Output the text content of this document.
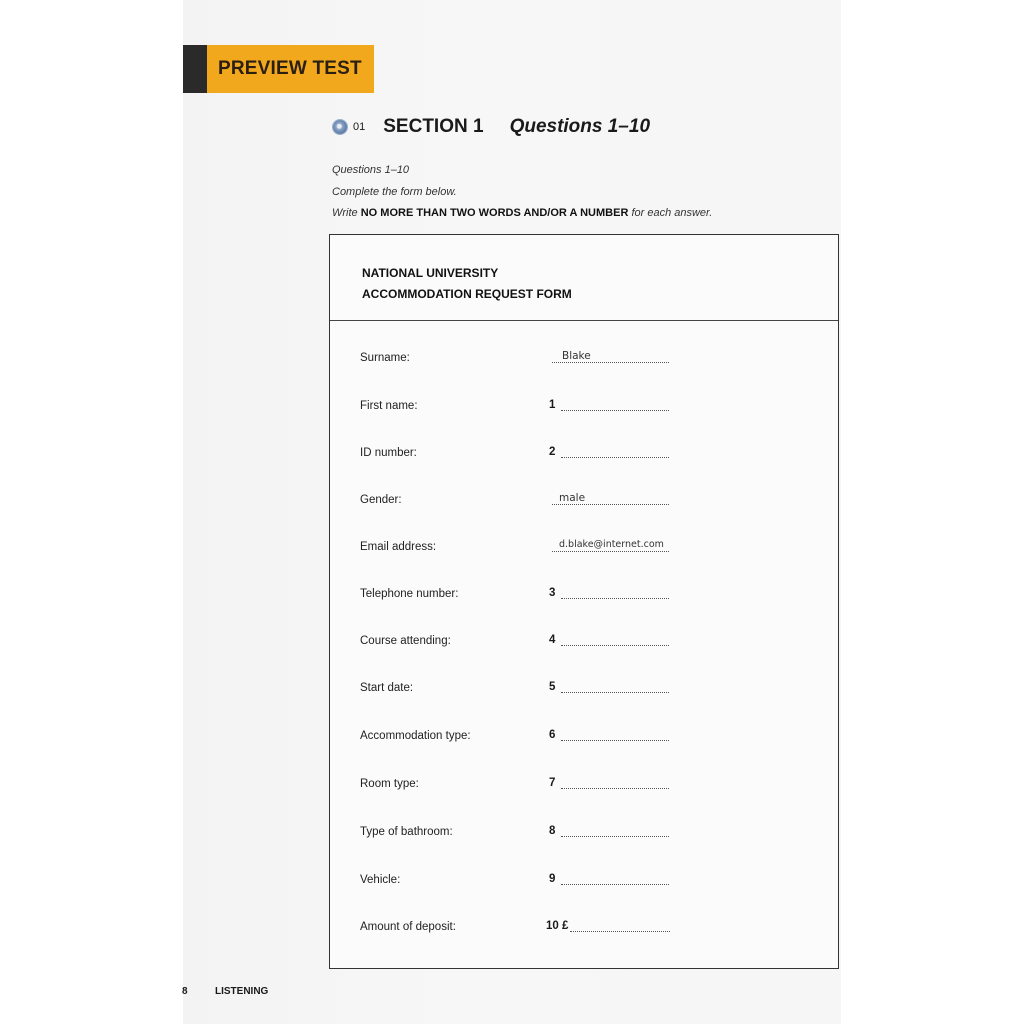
PREVIEW TEST
01 SECTION 1 Questions 1–10
Questions 1–10
Complete the form below.
Write NO MORE THAN TWO WORDS AND/OR A NUMBER for each answer.
NATIONAL UNIVERSITY
ACCOMMODATION REQUEST FORM
Surname:	Blake
First name:	1
ID number:	2
Gender:	male
Email address:	d.blake@internet.com
Telephone number:	3
Course attending:	4
Start date:	5
Accommodation type:	6
Room type:	7
Type of bathroom:	8
Vehicle:	9
Amount of deposit:	10 £
8	LISTENING
